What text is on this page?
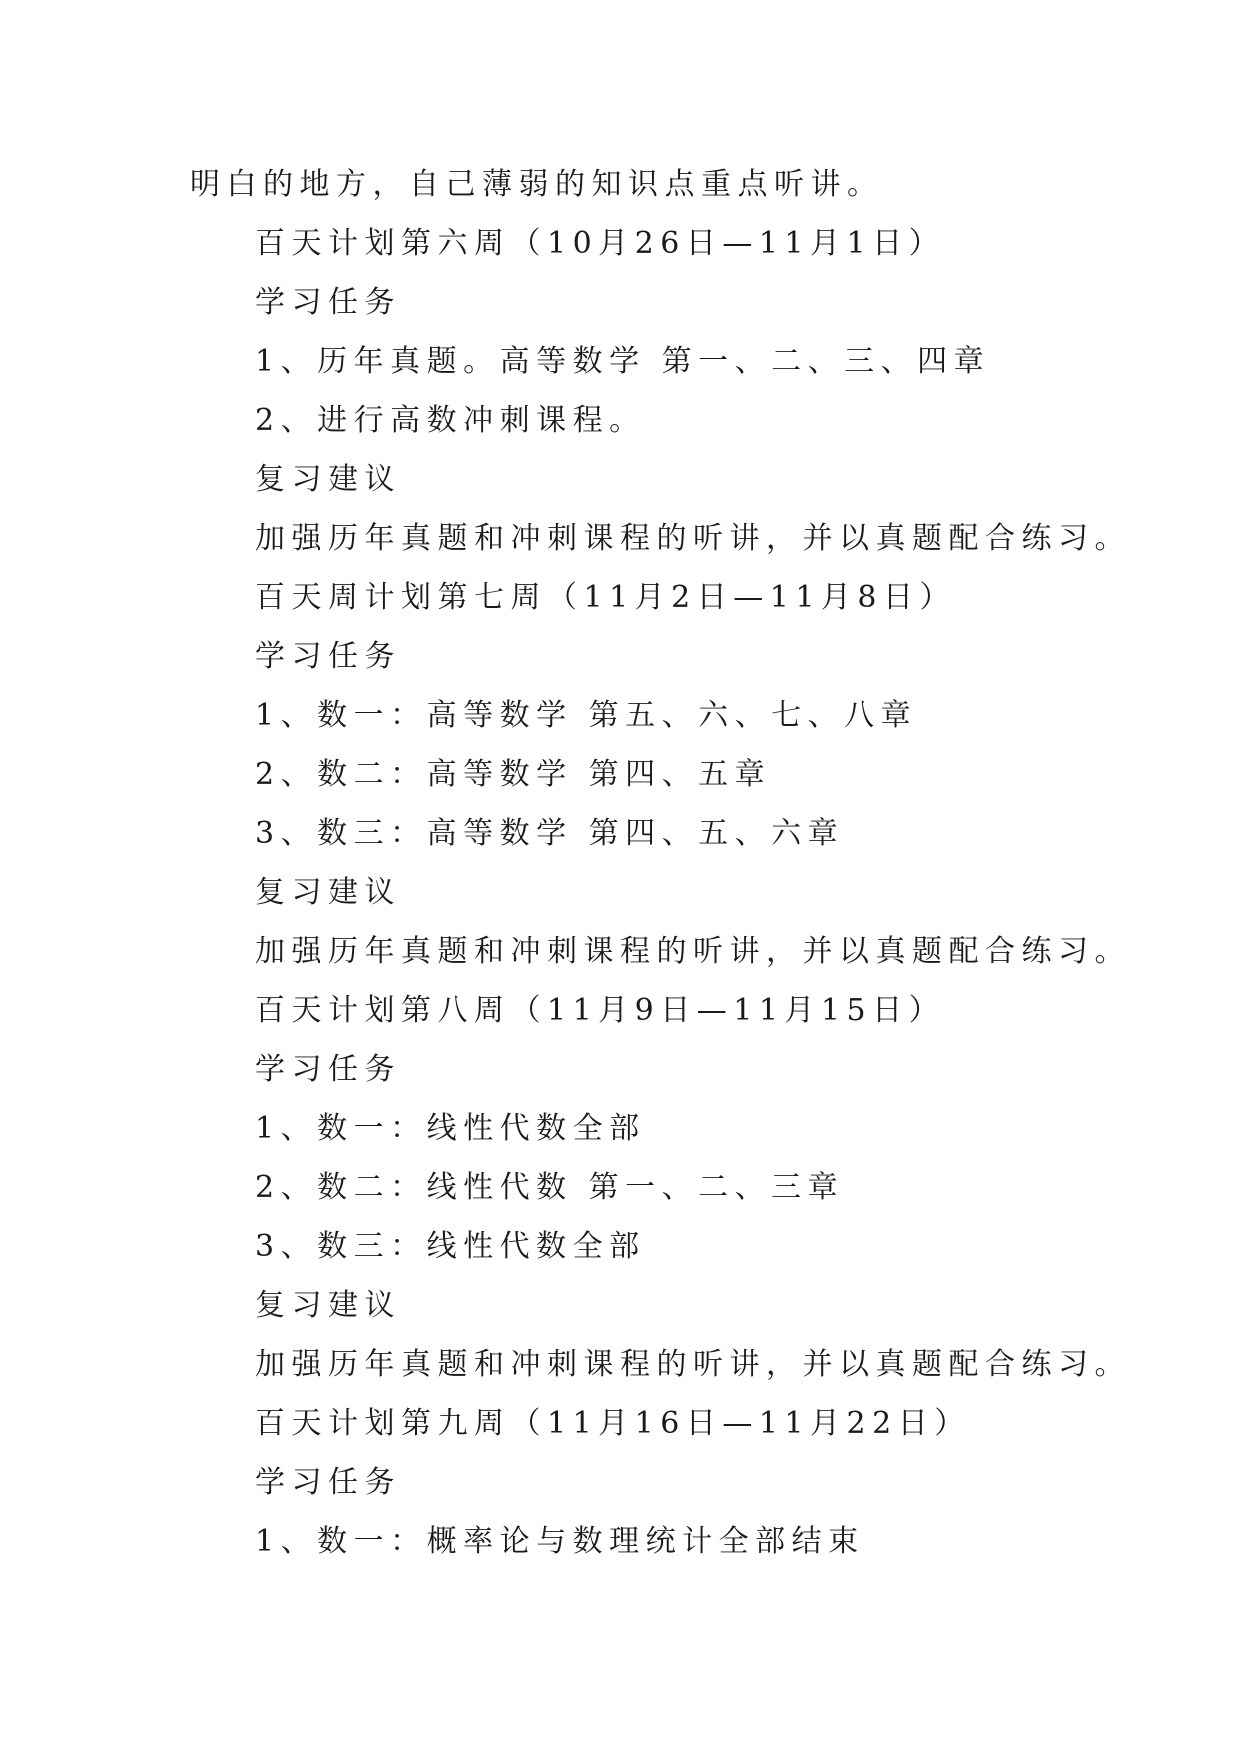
明白的地方，自己薄弱的知识点重点听讲。
百天计划第六周（10月26日—11月1日）
学习任务
1、历年真题。高等数学 第一、二、三、四章
2、进行高数冲刺课程。
复习建议
加强历年真题和冲刺课程的听讲，并以真题配合练习。
百天周计划第七周（11月2日—11月8日）
学习任务
1、数一：高等数学 第五、六、七、八章
2、数二：高等数学 第四、五章
3、数三：高等数学 第四、五、六章
复习建议
加强历年真题和冲刺课程的听讲，并以真题配合练习。
百天计划第八周（11月9日—11月15日）
学习任务
1、数一：线性代数全部
2、数二：线性代数 第一、二、三章
3、数三：线性代数全部
复习建议
加强历年真题和冲刺课程的听讲，并以真题配合练习。
百天计划第九周（11月16日—11月22日）
学习任务
1、数一：概率论与数理统计全部结束
